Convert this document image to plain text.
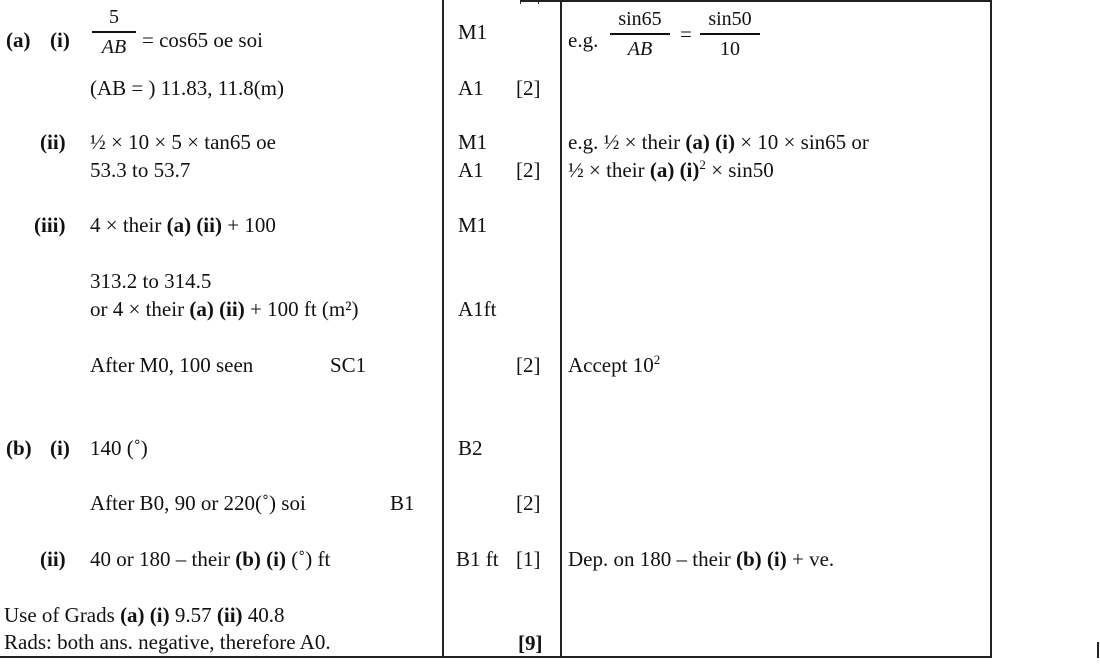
(a) (i)
5
AB = cos65 oe soi
(AB = ) 11.83, 11.8(m)
(ii) ½ × 10 × 5 × tan65 oe
53.3 to 53.7
(iii) 4 × their (a) (ii) + 100
313.2 to 314.5
or 4 × their (a) (ii) + 100 ft (m²)
After M0, 100 seen	SC1
(b) (i) 140 (˚)
After B0, 90 or 220(˚) soi	B1
(ii) 40 or 180 – their (b) (i) (˚) ft
Use of Grads (a) (i) 9.57 (ii) 40.8
Rads: both ans. negative, therefore A0.
M1
A1 [2]
M1
A1 [2]
M1
A1ft
[2]
B2
[2]
B1 ft [1]
[9]
e.g.
sin65
AB
=
sin50
10
e.g. ½ × their (a) (i) × 10 × sin65 or
½ × their (a) $(i)^2 \times \sin 50$
Accept $10^2$
Dep. on 180 – their (b) (i) + ve.
